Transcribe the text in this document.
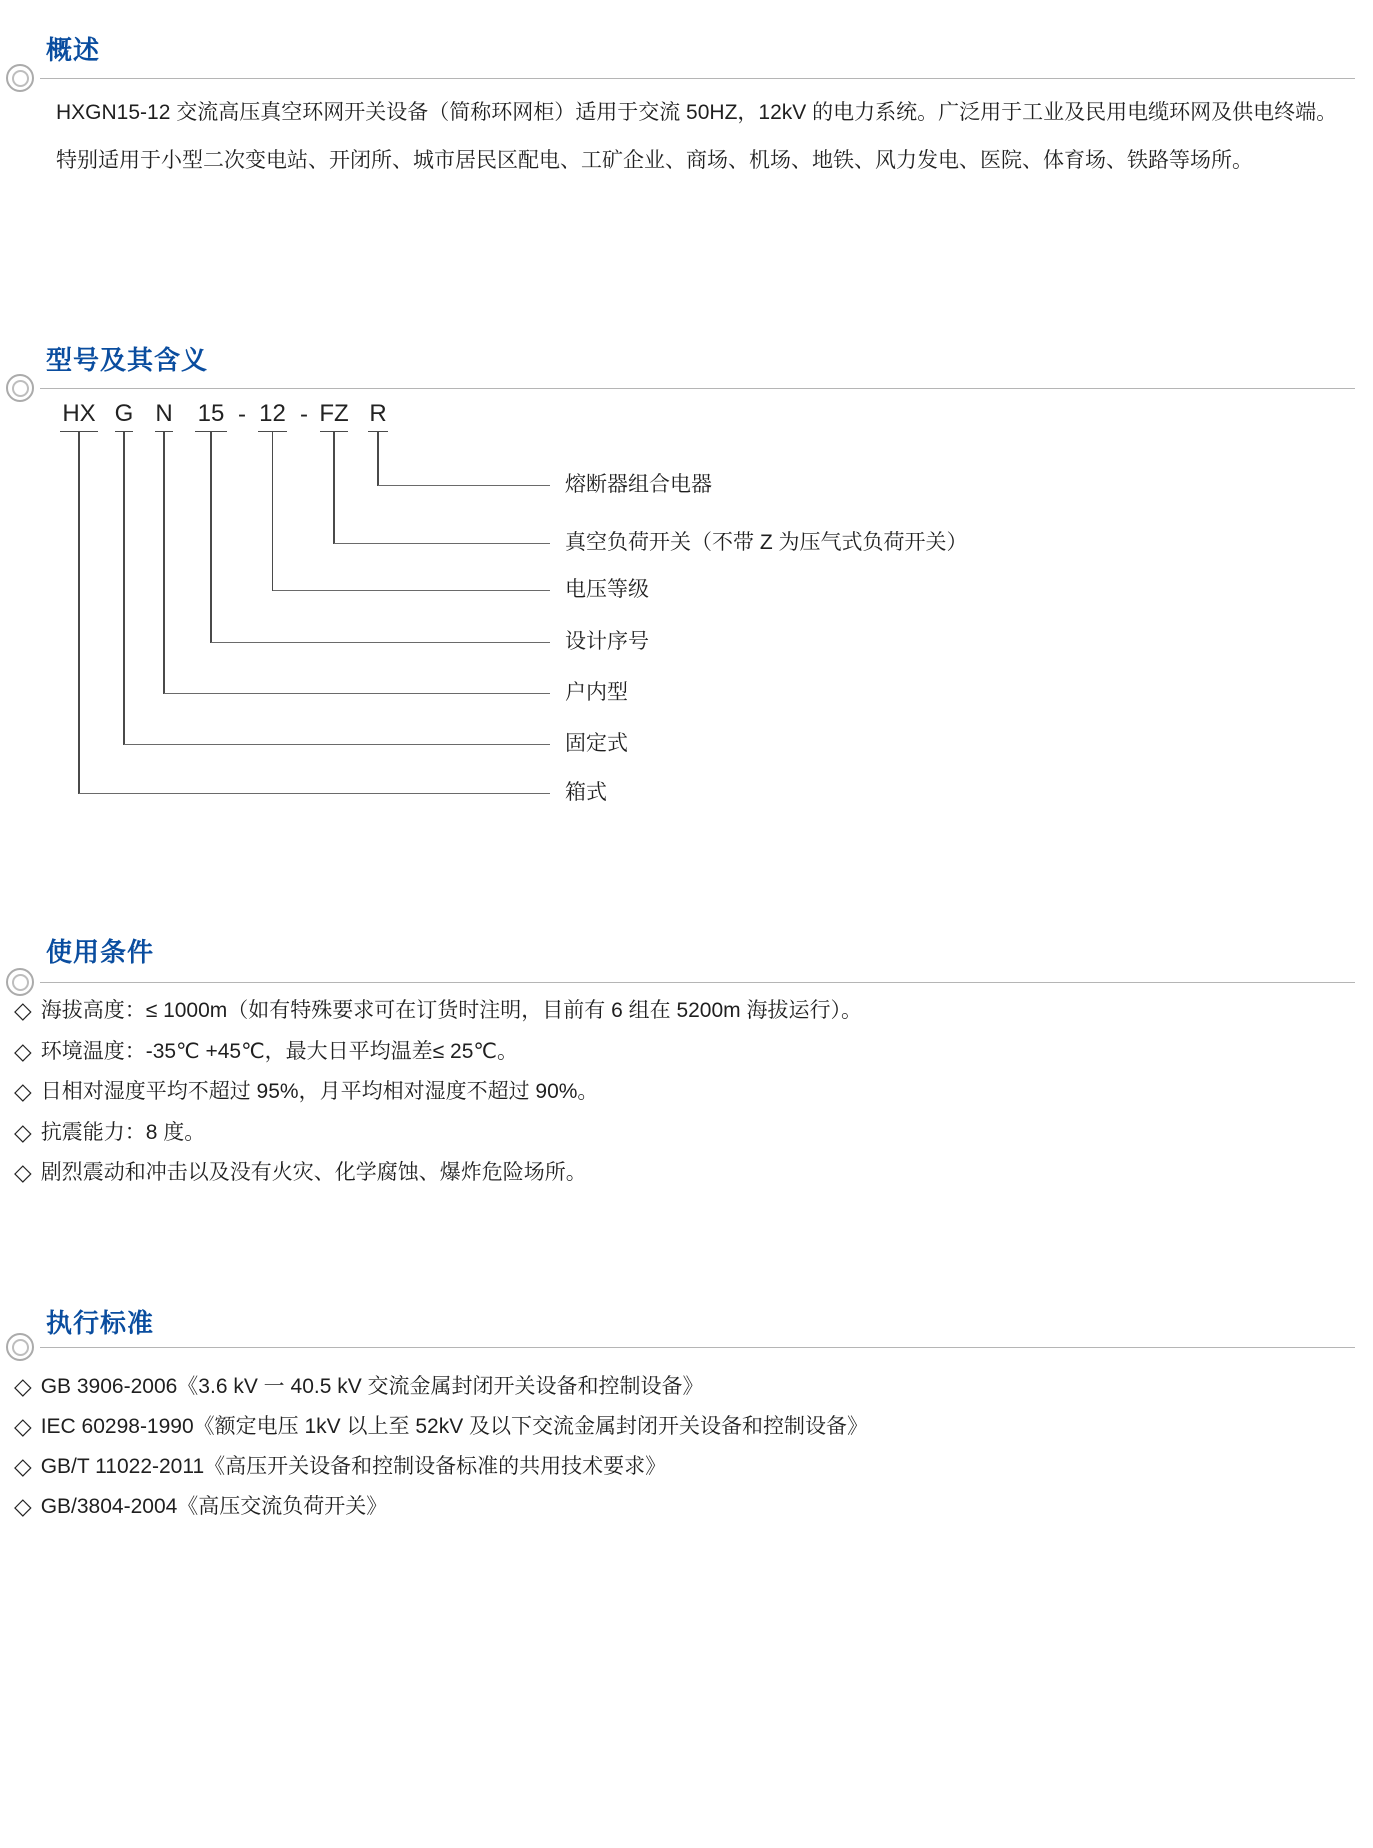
概述

HXGN15-12 交流高压真空环网开关设备（简称环网柜）适用于交流 50HZ，12kV 的电力系统。广泛用于工业及民用电缆环网及供电终端。

特别适用于小型二次变电站、开闭所、城市居民区配电、工矿企业、商场、机场、地铁、风力发电、医院、体育场、铁路等场所。

型号及其含义
HX G N 15 - 12 - FZ R
熔断器组合电器
真空负荷开关（不带 Z 为压气式负荷开关）
电压等级
设计序号
户内型
固定式
箱式
使用条件
◇ 海拔高度：≤ 1000m（如有特殊要求可在订货时注明，目前有 6 组在 5200m 海拔运行）。
◇ 环境温度：-35℃ +45℃，最大日平均温差≤ 25℃。
◇ 日相对湿度平均不超过 95%，月平均相对湿度不超过 90%。
◇ 抗震能力：8 度。
◇ 剧烈震动和冲击以及没有火灾、化学腐蚀、爆炸危险场所。
执行标准
◇ GB 3906-2006《3.6 kV 一 40.5 kV 交流金属封闭开关设备和控制设备》
◇ IEC 60298-1990《额定电压 1kV 以上至 52kV 及以下交流金属封闭开关设备和控制设备》
◇ GB/T 11022-2011《高压开关设备和控制设备标准的共用技术要求》
◇ GB/3804-2004《高压交流负荷开关》
